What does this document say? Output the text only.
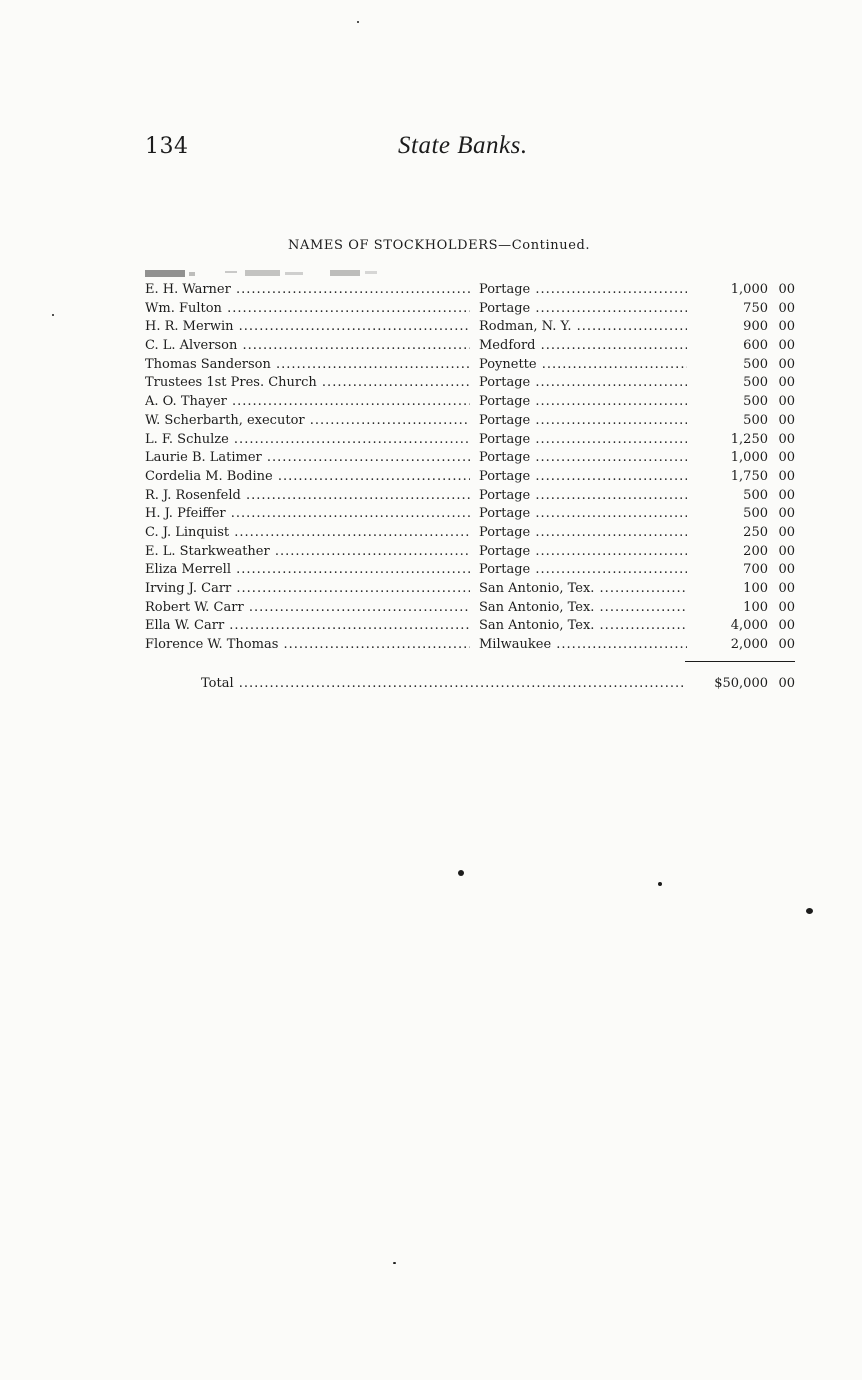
134	State Banks.
NAMES OF STOCKHOLDERS—Continued.
E. H. Warner .....	Portage .....	1,000 00
Wm. Fulton .....	Portage .....	750 00
H. R. Merwin .....	Rodman, N. Y. .....	900 00
C. L. Alverson .....	Medford .....	600 00
Thomas Sanderson .....	Poynette .....	500 00
Trustees 1st Pres. Church .....	Portage .....	500 00
A. O. Thayer .....	Portage .....	500 00
W. Scherbarth, executor .....	Portage .....	500 00
L. F. Schulze .....	Portage .....	1,250 00
Laurie B. Latimer .....	Portage .....	1,000 00
Cordelia M. Bodine .....	Portage .....	1,750 00
R. J. Rosenfeld .....	Portage .....	500 00
H. J. Pfeiffer .....	Portage .....	500 00
C. J. Linquist .....	Portage .....	250 00
E. L. Starkweather .....	Portage .....	200 00
Eliza Merrell .....	Portage .....	700 00
Irving J. Carr .....	San Antonio, Tex. .....	100 00
Robert W. Carr .....	San Antonio, Tex. .....	100 00
Ella W. Carr .....	San Antonio, Tex. .....	4,000 00
Florence W. Thomas .....	Milwaukee .....	2,000 00
Total .....	$50,000 00
